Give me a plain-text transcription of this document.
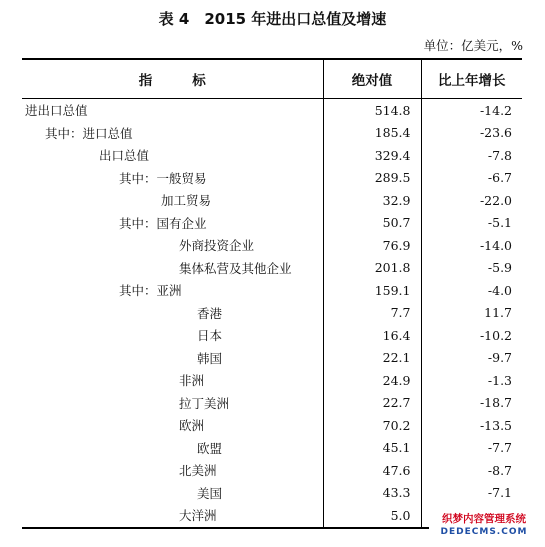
表 4　2015 年进出口总值及增速
单位：亿美元，%
指标	绝对值	比上年增长
进出口总值	514.8	-14.2
其中：进口总值	185.4	-23.6
出口总值	329.4	-7.8
其中：一般贸易	289.5	-6.7
加工贸易	32.9	-22.0
其中：国有企业	50.7	-5.1
外商投资企业	76.9	-14.0
集体私营及其他企业	201.8	-5.9
其中：亚洲	159.1	-4.0
香港	7.7	11.7
日本	16.4	-10.2
韩国	22.1	-9.7
非洲	24.9	-1.3
拉丁美洲	22.7	-18.7
欧洲	70.2	-13.5
欧盟	45.1	-7.7
北美洲	47.6	-8.7
美国	43.3	-7.1
大洋洲	5.0		织梦内容管理系统
DEDECMS.COM
